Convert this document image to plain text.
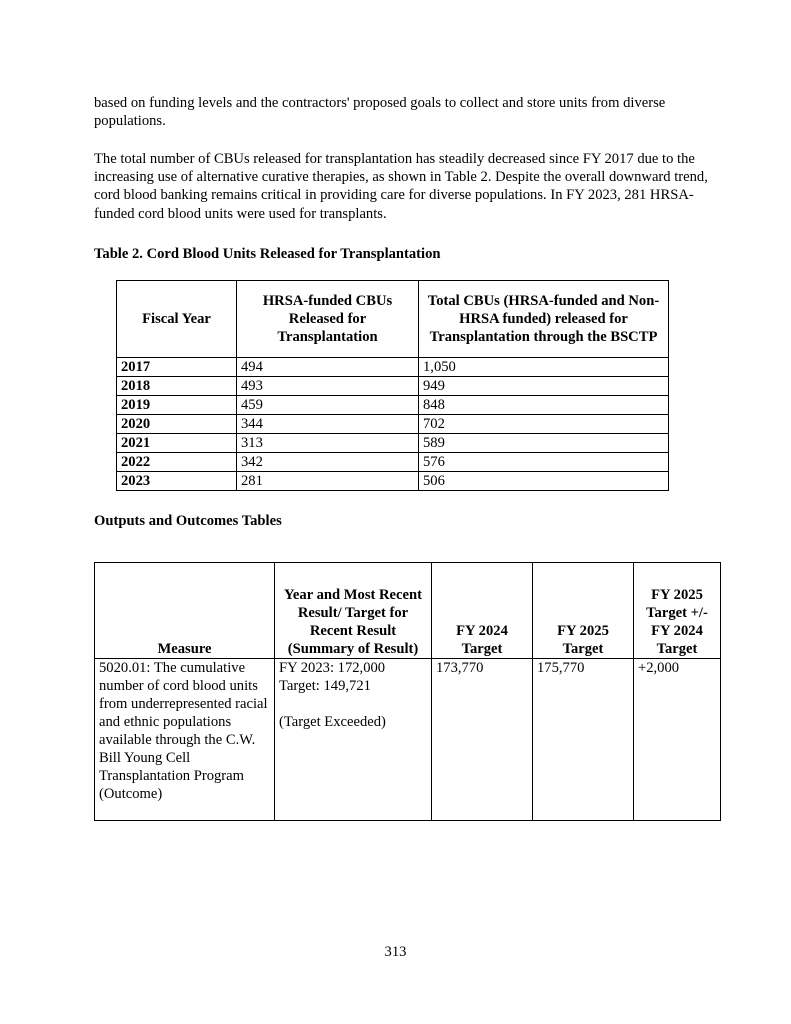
based on funding levels and the contractors' proposed goals to collect and store units from diverse populations.

The total number of CBUs released for transplantation has steadily decreased since FY 2017 due to the increasing use of alternative curative therapies, as shown in Table 2. Despite the overall downward trend, cord blood banking remains critical in providing care for diverse populations. In FY 2023, 281 HRSA-funded cord blood units were used for transplants.

Table 2. Cord Blood Units Released for Transplantation

Fiscal Year	HRSA-funded CBUs Released for Transplantation	Total CBUs (HRSA-funded and Non-HRSA funded) released for Transplantation through the BSCTP
2017	494	1,050
2018	493	949
2019	459	848
2020	344	702
2021	313	589
2022	342	576
2023	281	506

Outputs and Outcomes Tables

Measure	Year and Most Recent Result/ Target for Recent Result (Summary of Result)	FY 2024 Target	FY 2025 Target	FY 2025 Target +/- FY 2024 Target
5020.01: The cumulative number of cord blood units from underrepresented racial and ethnic populations available through the C.W. Bill Young Cell Transplantation Program (Outcome)	FY 2023: 172,000
Target: 149,721

(Target Exceeded)	173,770	175,770	+2,000
313
